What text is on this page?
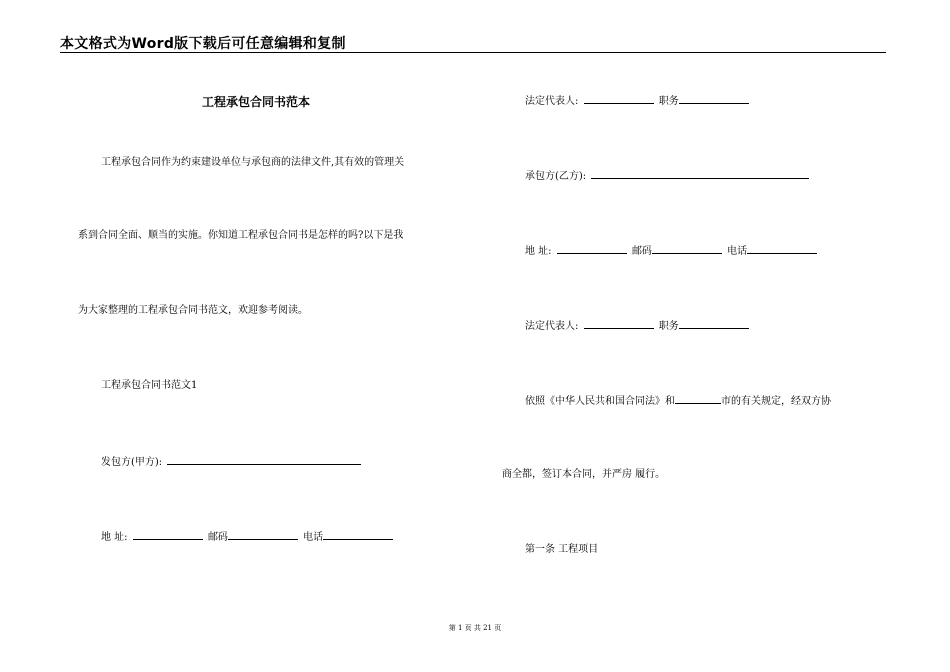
本文格式为Word版下载后可任意编辑和复制
工程承包合同书范本
工程承包合同作为约束建设单位与承包商的法律文件,其有效的管理关
系到合同全面、顺当的实施。你知道工程承包合同书是怎样的吗?以下是我
为大家整理的工程承包合同书范文，欢迎参考阅读。
工程承包合同书范文1
发包方(甲方):
地 址:	邮码	电话
法定代表人:	职务
承包方(乙方):
地 址:	邮码	电话
法定代表人:	职务
依照《中华人民共和国合同法》和	市的有关规定，经双方协
商全都，签订本合同，并严房 履行。
第一条 工程项目
第 1 页 共 21 页
